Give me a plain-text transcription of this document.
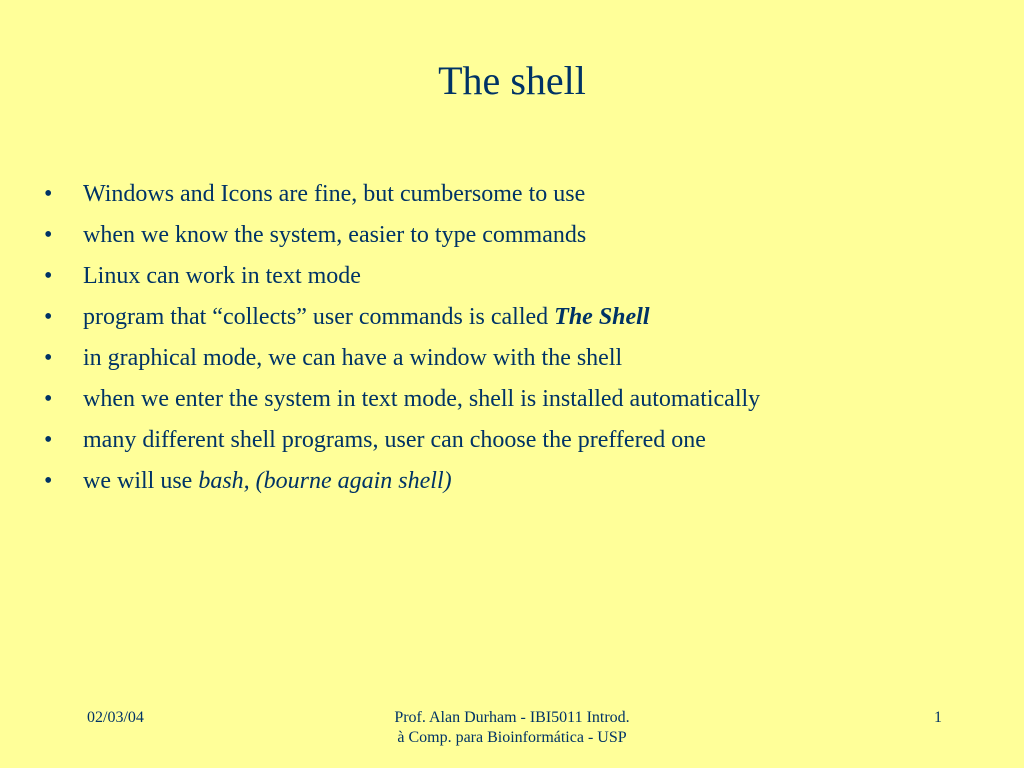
The shell
•	Windows and Icons are fine, but cumbersome to use
•	when we know the system, easier to type commands
•	Linux can work in text mode
•	program that “collects” user commands is called The Shell
•	in graphical mode, we can have a window with the shell
•	when we enter the system in text mode, shell is installed automatically
•	many different shell programs, user can choose the preffered one
•	we will use bash, (bourne again shell)
02/03/04	Prof. Alan Durham - IBI5011 Introd.
à Comp. para Bioinformática - USP
1
